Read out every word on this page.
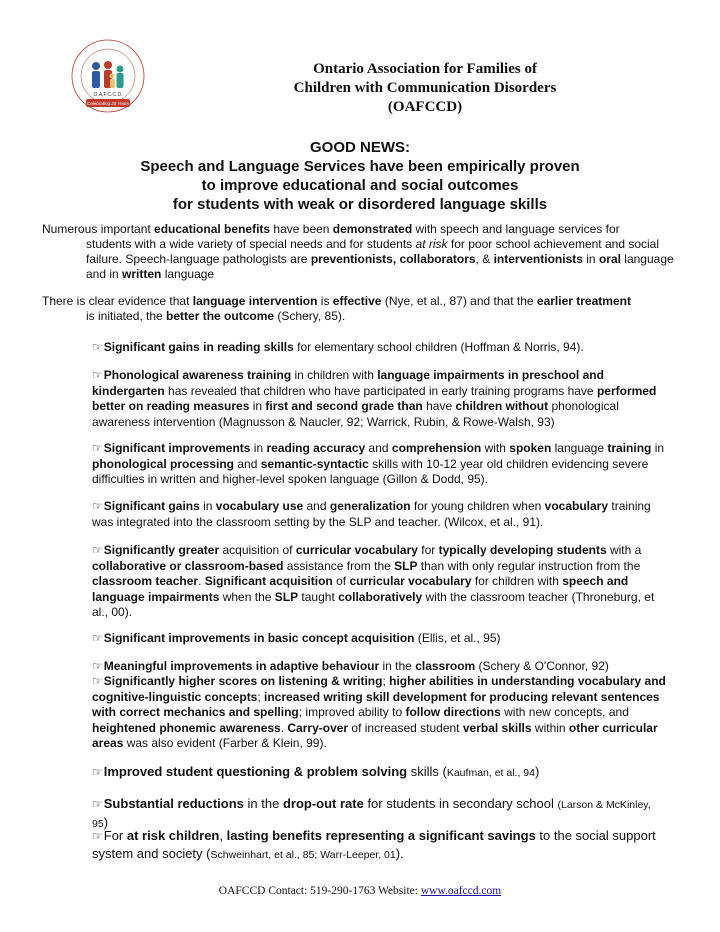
O.A.F.C.C.D.
Celebrating 20 Years
Ontario Association for Families of
Children with Communication Disorders
(OAFCCD)
GOOD NEWS:
Speech and Language Services have been empirically proven
to improve educational and social outcomes
for students with weak or disordered language skills
Numerous important educational benefits have been demonstrated with speech and language services for
students with a wide variety of special needs and for students at risk for poor school achievement and social failure. Speech-language pathologists are preventionists, collaborators, & interventionists in oral language and in written language
There is clear evidence that language intervention is effective (Nye, et al., 87) and that the earlier treatment
is initiated, the better the outcome (Schery, 85).
☞Significant gains in reading skills for elementary school children (Hoffman & Norris, 94).
☞Phonological awareness training in children with language impairments in preschool and kindergarten has revealed that children who have participated in early training programs have performed better on reading measures in first and second grade than have children without phonological awareness intervention (Magnusson & Naucler, 92; Warrick, Rubin, & Rowe-Walsh, 93)
☞Significant improvements in reading accuracy and comprehension with spoken language training in phonological processing and semantic-syntactic skills with 10-12 year old children evidencing severe difficulties in written and higher-level spoken language (Gillon & Dodd, 95).
☞Significant gains in vocabulary use and generalization for young children when vocabulary training was integrated into the classroom setting by the SLP and teacher. (Wilcox, et al., 91).
☞Significantly greater acquisition of curricular vocabulary for typically developing students with a collaborative or classroom-based assistance from the SLP than with only regular instruction from the classroom teacher. Significant acquisition of curricular vocabulary for children with speech and language impairments when the SLP taught collaboratively with the classroom teacher (Throneburg, et al., 00).
☞Significant improvements in basic concept acquisition (Ellis, et al., 95)
☞Meaningful improvements in adaptive behaviour in the classroom (Schery & O'Connor, 92)
☞Significantly higher scores on listening & writing; higher abilities in understanding vocabulary and cognitive-linguistic concepts; increased writing skill development for producing relevant sentences with correct mechanics and spelling; improved ability to follow directions with new concepts, and heightened phonemic awareness. Carry-over of increased student verbal skills within other curricular areas was also evident (Farber & Klein, 99).
☞Improved student questioning & problem solving skills (Kaufman, et al., 94)
☞Substantial reductions in the drop-out rate for students in secondary school (Larson & McKinley, 95)
☞For at risk children, lasting benefits representing a significant savings to the social support system and society (Schweinhart, et al., 85; Warr-Leeper, 01).
OAFCCD Contact: 519-290-1763 Website: www.oafccd.com
